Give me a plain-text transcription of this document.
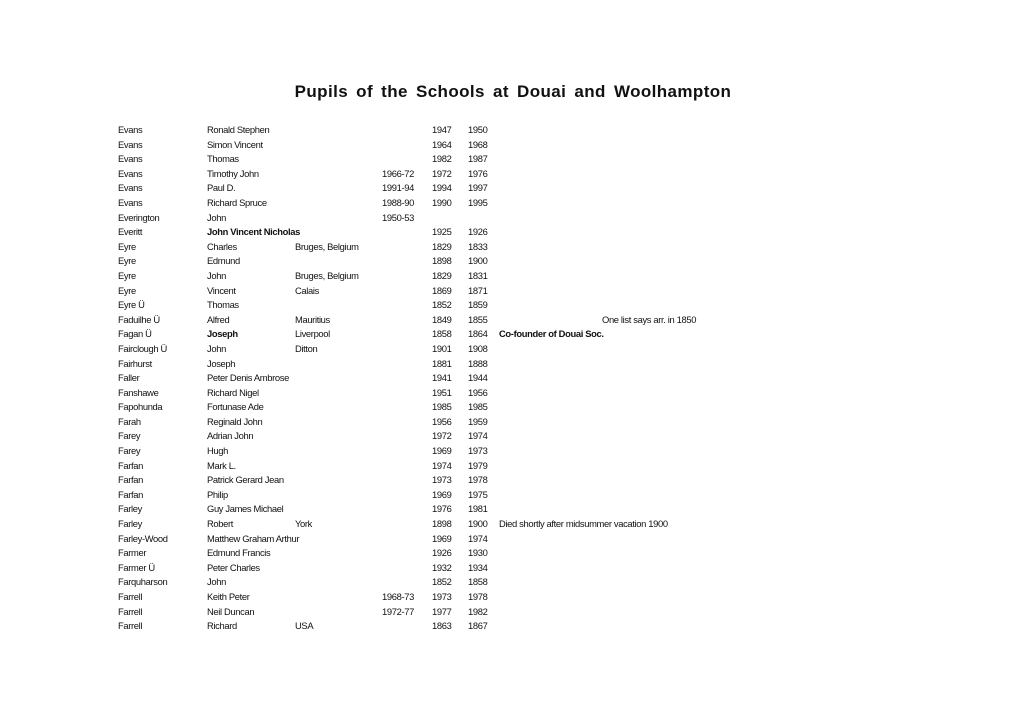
Pupils of the Schools at Douai and Woolhampton
Evans	Ronald Stephen	1947 1950
Evans	Simon Vincent	1964 1968
Evans	Thomas	1982 1987
Evans	Timothy John	1966-72 1972 1976
Evans	Paul D.	1991-94 1994 1997
Evans	Richard Spruce	1988-90 1990 1995
Everington	John	1950-53
Everitt	John Vincent Nicholas	1925 1926
Eyre	Charles	Bruges, Belgium	1829 1833
Eyre	Edmund	1898 1900
Eyre	John	Bruges, Belgium	1829 1831
Eyre	Vincent	Calais	1869 1871
Eyre Ü	Thomas	1852 1859
Faduilhe Ü	Alfred	Mauritius	1849 1855	One list says arr. in 1850
Fagan Ü	Joseph	Liverpool	1858 1864 Co-founder of Douai Soc.
Fairclough Ü	John	Ditton	1901 1908
Fairhurst	Joseph	1881 1888
Faller	Peter Denis Ambrose	1941 1944
Fanshawe	Richard Nigel	1951 1956
Fapohunda	Fortunase Ade	1985 1985
Farah	Reginald John	1956 1959
Farey	Adrian John	1972 1974
Farey	Hugh	1969 1973
Farfan	Mark L.	1974 1979
Farfan	Patrick Gerard Jean	1973 1978
Farfan	Philip	1969 1975
Farley	Guy James Michael	1976 1981
Farley	Robert	York	1898 1900 Died shortly after midsummer vacation 1900
Farley-Wood	Matthew Graham Arthur	1969 1974
Farmer	Edmund Francis	1926 1930
Farmer Ü	Peter Charles	1932 1934
Farquharson	John	1852 1858
Farrell	Keith Peter	1968-73 1973 1978
Farrell	Neil Duncan	1972-77 1977 1982
Farrell	Richard	USA	1863 1867
